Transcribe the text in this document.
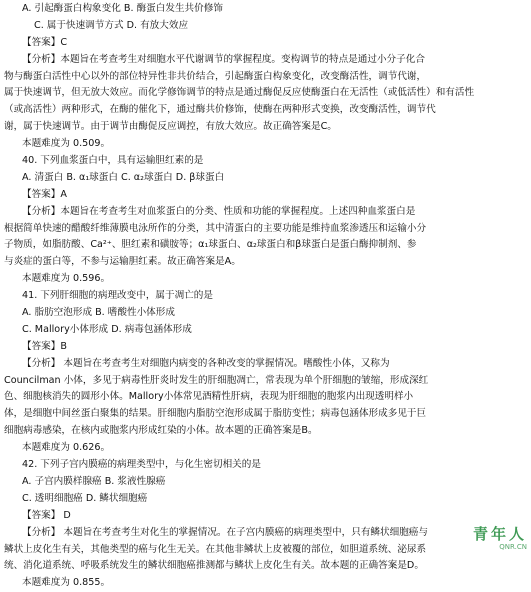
A. 引起酶蛋白构象变化 B. 酶蛋白发生共价修饰
C. 属于快速调节方式 D. 有放大效应
【答案】C
【分析】本题旨在考查考生对细胞水平代谢调节的掌握程度。变构调节的特点是通过小分子化合
物与酶蛋白活性中心以外的部位特异性非共价结合，引起酶蛋白构象变化，改变酶活性，调节代谢，
属于快速调节，但无放大效应。而化学修饰调节的特点是通过酶促反应使酶蛋白在无活性（或低活性）和有活性
（或高活性）两种形式，在酶的催化下，通过酶共价修饰，使酶在两种形式变换，改变酶活性，调节代
谢，属于快速调节。由于调节由酶促反应调控，有放大效应。故正确答案是C。
本题难度为 0.509。
40. 下列血浆蛋白中，具有运输胆红素的是
A. 清蛋白 B. α₁球蛋白 C. α₂球蛋白 D. β球蛋白
【答案】A
【分析】本题旨在考查考生对血浆蛋白的分类、性质和功能的掌握程度。上述四种血浆蛋白是
根据简单快速的醋酸纤维薄膜电泳所作的分类，其中清蛋白的主要功能是维持血浆渗透压和运输小分
子物质，如脂肪酸、Ca²⁺、胆红素和磺胺等；α₁球蛋白、α₂球蛋白和β球蛋白是蛋白酶抑制剂、参
与炎症的蛋白等，不参与运输胆红素。故正确答案是A。
本题难度为 0.596。
41. 下列肝细胞的病理改变中，属于凋亡的是
A. 脂肪空泡形成 B. 嗜酸性小体形成
C. Mallory小体形成 D. 病毒包涵体形成
【答案】B
【分析】 本题旨在考查考生对细胞内病变的各种改变的掌握情况。嗜酸性小体，又称为
Councilman 小体，多见于病毒性肝炎时发生的肝细胞凋亡，常表现为单个肝细胞的皱缩，形成深红
色、细胞核消失的圆形小体。Mallory小体常见酒精性肝病，表现为肝细胞的胞浆内出现透明样小
体，是细胞中间丝蛋白聚集的结果。肝细胞内脂肪空泡形成属于脂肪变性；病毒包涵体形成多见于巨
细胞病毒感染，在核内或胞浆内形成红染的小体。故本题的正确答案是B。
本题难度为 0.626。
42. 下列子宫内膜癌的病理类型中，与化生密切相关的是
A. 子宫内膜样腺癌 B. 浆液性腺癌
C. 透明细胞癌 D. 鳞状细胞癌
【答案】 D
【分析】 本题旨在考查考生对化生的掌握情况。在子宫内膜癌的病理类型中，只有鳞状细胞癌与
鳞状上皮化生有关，其他类型的癌与化生无关。在其他非鳞状上皮被覆的部位，如胆道系统、泌尿系
统、消化道系统、呼吸系统发生的鳞状细胞癌推测都与鳞状上皮化生有关。故本题的正确答案是D。
本题难度为 0.855。
青年人
QNR.CN
